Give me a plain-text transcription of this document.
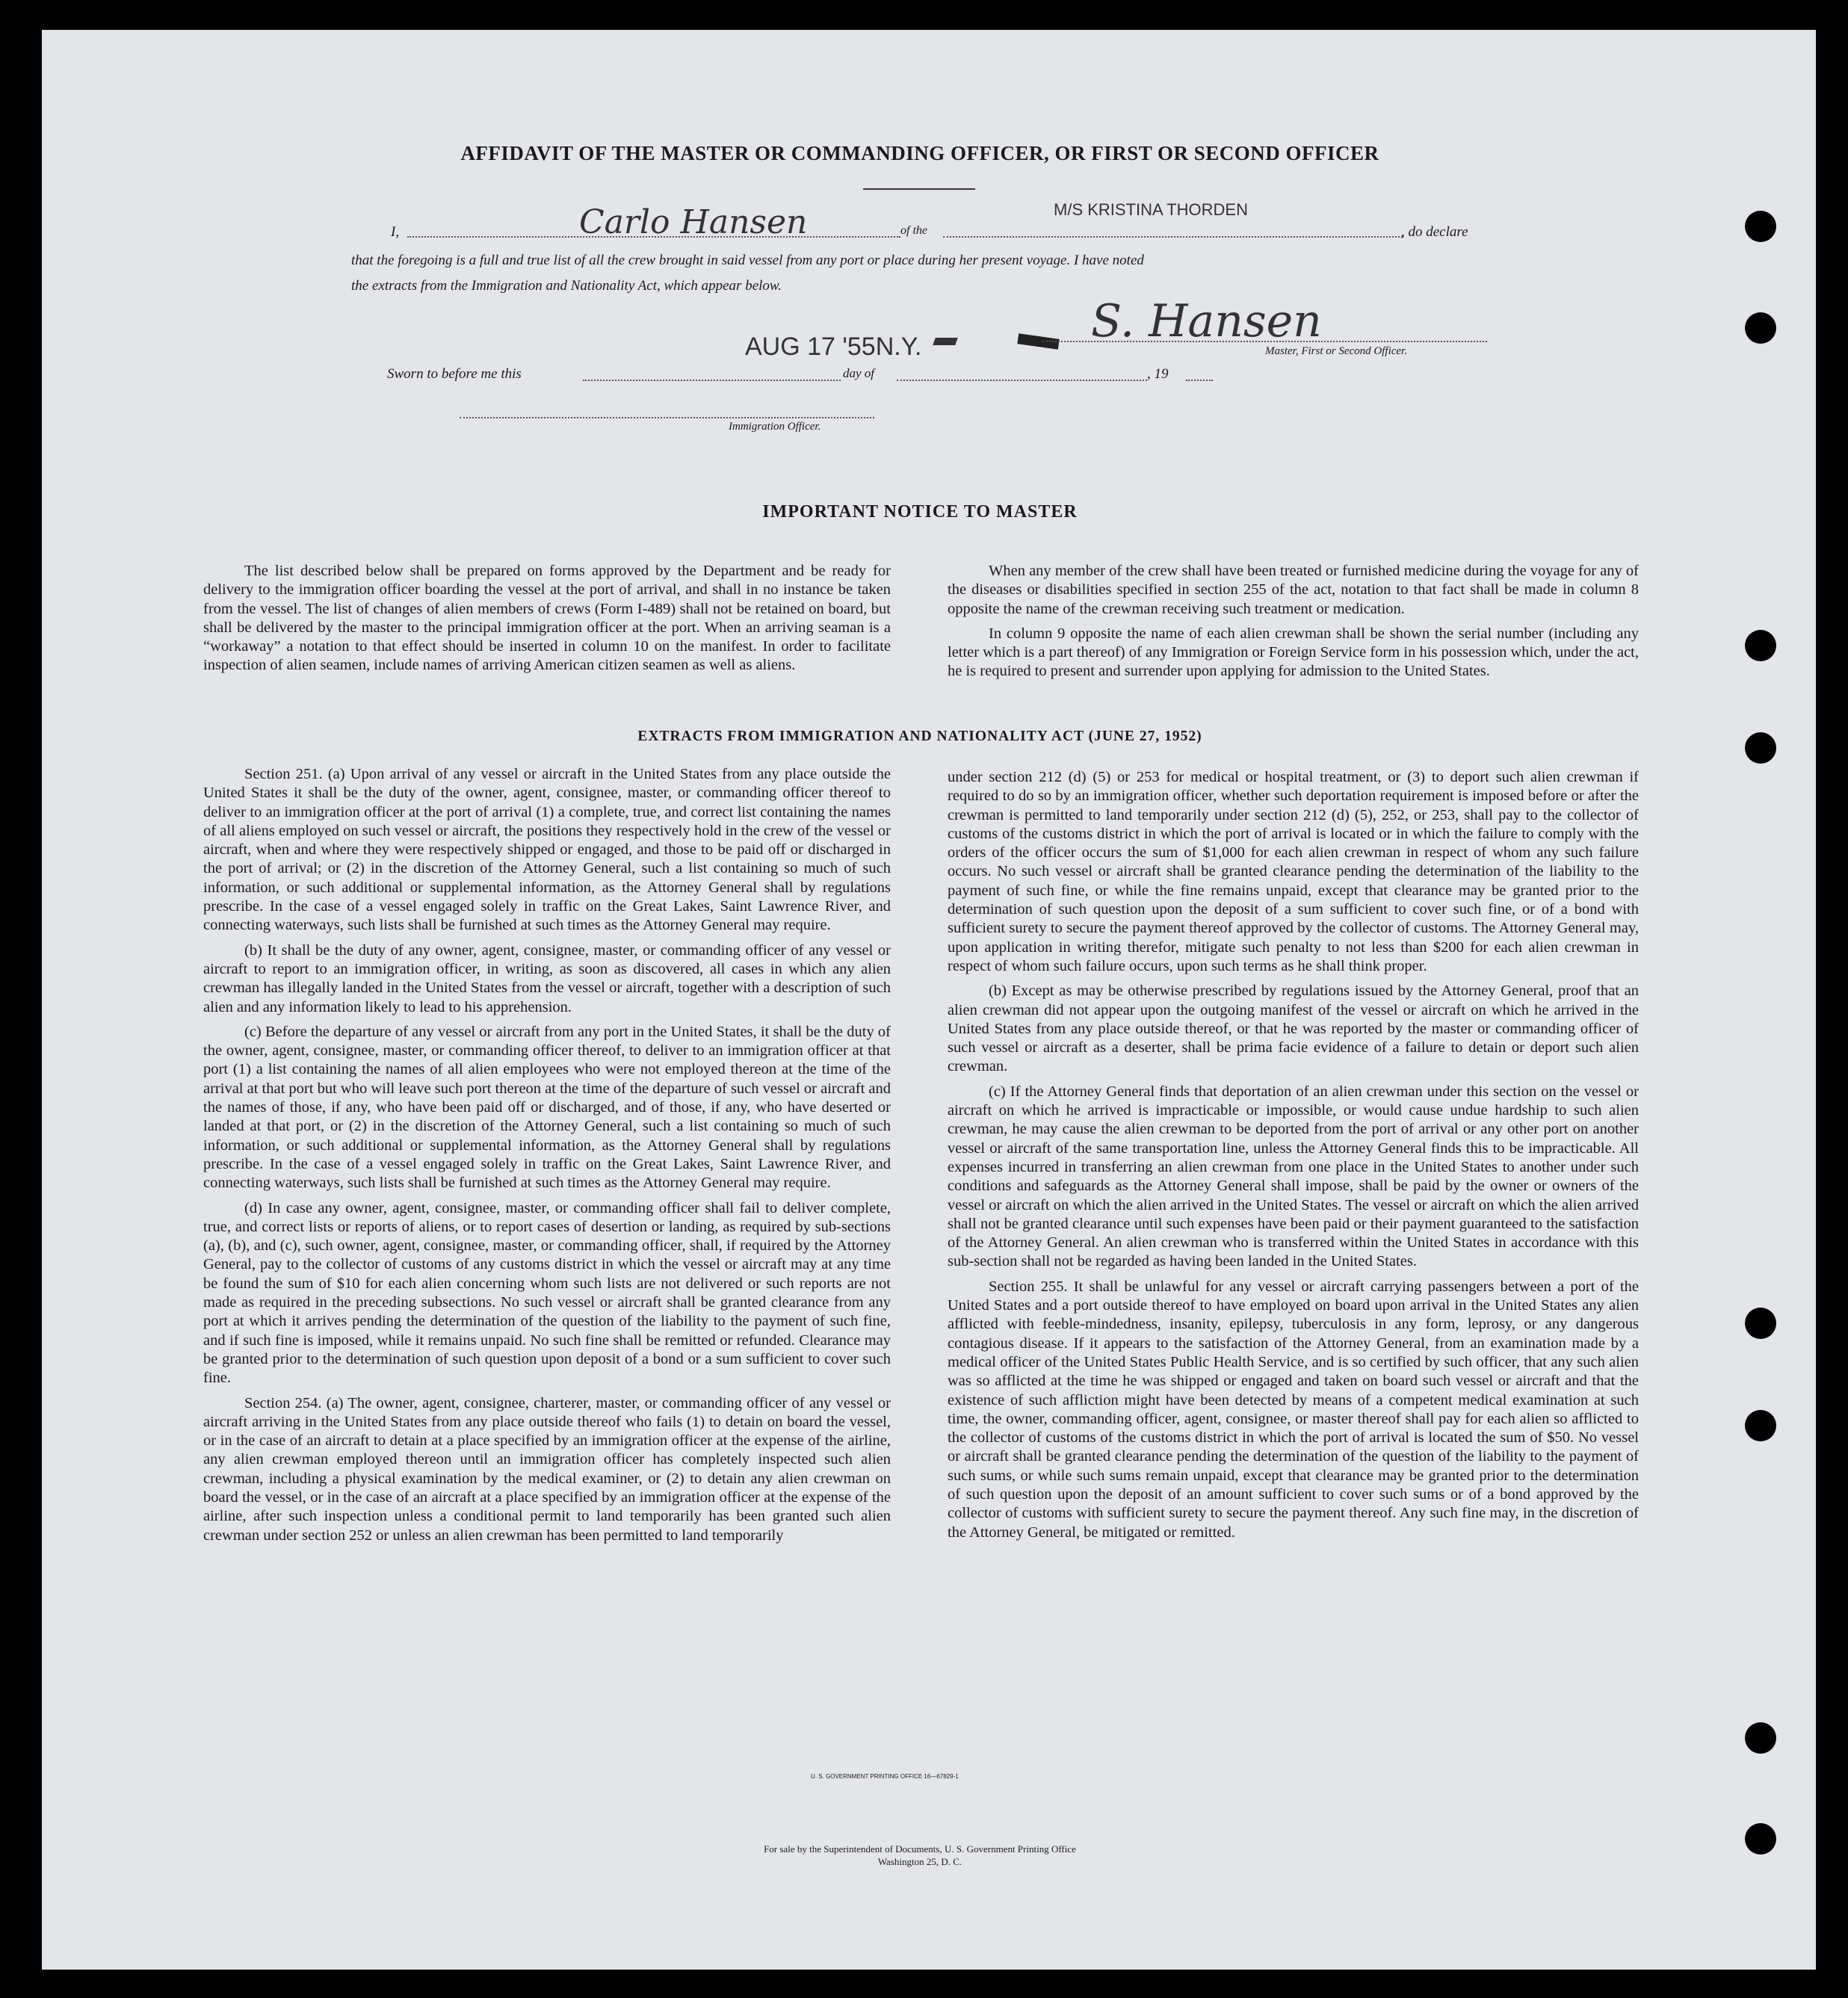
AFFIDAVIT OF THE MASTER OR COMMANDING OFFICER, OR FIRST OR SECOND OFFICER
I,	Carlo Hansen	of the
M/S KRISTINA THORDEN
, do declare
that the foregoing is a full and true list of all the crew brought in said vessel from any port or place during her present voyage. I have noted
the extracts from the Immigration and Nationality Act, which appear below.
AUG 17 '55N.Y.	S. Hansen
Master, First or Second Officer.
Sworn to before me this	day of	, 19
Immigration Officer.
IMPORTANT NOTICE TO MASTER

The list described below shall be prepared on forms approved by the Department and be ready for delivery to the immigration officer boarding the vessel at the port of arrival, and shall in no instance be taken from the vessel. The list of changes of alien members of crews (Form I-489) shall not be retained on board, but shall be delivered by the master to the principal immigration officer at the port. When an arriving seaman is a “workaway” a notation to that effect should be inserted in column 10 on the manifest. In order to facilitate inspection of alien seamen, include names of arriving American citizen seamen as well as aliens.

When any member of the crew shall have been treated or furnished medicine during the voyage for any of the diseases or disabilities specified in section 255 of the act, notation to that fact shall be made in column 8 opposite the name of the crewman receiving such treatment or medication.

In column 9 opposite the name of each alien crewman shall be shown the serial number (including any letter which is a part thereof) of any Immigration or Foreign Service form in his possession which, under the act, he is required to present and surrender upon applying for admission to the United States.

EXTRACTS FROM IMMIGRATION AND NATIONALITY ACT (JUNE 27, 1952)

Section 251. (a) Upon arrival of any vessel or aircraft in the United States from any place outside the United States it shall be the duty of the owner, agent, consignee, master, or commanding officer thereof to deliver to an immigration officer at the port of arrival (1) a complete, true, and correct list containing the names of all aliens employed on such vessel or aircraft, the positions they respectively hold in the crew of the vessel or aircraft, when and where they were respectively shipped or engaged, and those to be paid off or discharged in the port of arrival; or (2) in the discretion of the Attorney General, such a list containing so much of such information, or such additional or supplemental information, as the Attorney General shall by regulations prescribe. In the case of a vessel engaged solely in traffic on the Great Lakes, Saint Lawrence River, and connecting waterways, such lists shall be furnished at such times as the Attorney General may require.

(b) It shall be the duty of any owner, agent, consignee, master, or commanding officer of any vessel or aircraft to report to an immigration officer, in writing, as soon as discovered, all cases in which any alien crewman has illegally landed in the United States from the vessel or aircraft, together with a description of such alien and any information likely to lead to his apprehension.

(c) Before the departure of any vessel or aircraft from any port in the United States, it shall be the duty of the owner, agent, consignee, master, or commanding officer thereof, to deliver to an immigration officer at that port (1) a list containing the names of all alien employees who were not employed thereon at the time of the arrival at that port but who will leave such port thereon at the time of the departure of such vessel or aircraft and the names of those, if any, who have been paid off or discharged, and of those, if any, who have deserted or landed at that port, or (2) in the discretion of the Attorney General, such a list containing so much of such information, or such additional or supplemental information, as the Attorney General shall by regulations prescribe. In the case of a vessel engaged solely in traffic on the Great Lakes, Saint Lawrence River, and connecting waterways, such lists shall be furnished at such times as the Attorney General may require.

(d) In case any owner, agent, consignee, master, or commanding officer shall fail to deliver complete, true, and correct lists or reports of aliens, or to report cases of desertion or landing, as required by sub-sections (a), (b), and (c), such owner, agent, consignee, master, or commanding officer, shall, if required by the Attorney General, pay to the collector of customs of any customs district in which the vessel or aircraft may at any time be found the sum of $10 for each alien concerning whom such lists are not delivered or such reports are not made as required in the preceding subsections. No such vessel or aircraft shall be granted clearance from any port at which it arrives pending the determination of the question of the liability to the payment of such fine, and if such fine is imposed, while it remains unpaid. No such fine shall be remitted or refunded. Clearance may be granted prior to the determination of such question upon deposit of a bond or a sum sufficient to cover such fine.

Section 254. (a) The owner, agent, consignee, charterer, master, or commanding officer of any vessel or aircraft arriving in the United States from any place outside thereof who fails (1) to detain on board the vessel, or in the case of an aircraft to detain at a place specified by an immigration officer at the expense of the airline, any alien crewman employed thereon until an immigration officer has completely inspected such alien crewman, including a physical examination by the medical examiner, or (2) to detain any alien crewman on board the vessel, or in the case of an aircraft at a place specified by an immigration officer at the expense of the airline, after such inspection unless a conditional permit to land temporarily has been granted such alien crewman under section 252 or unless an alien crewman has been permitted to land temporarily

under section 212 (d) (5) or 253 for medical or hospital treatment, or (3) to deport such alien crewman if required to do so by an immigration officer, whether such deportation requirement is imposed before or after the crewman is permitted to land temporarily under section 212 (d) (5), 252, or 253, shall pay to the collector of customs of the customs district in which the port of arrival is located or in which the failure to comply with the orders of the officer occurs the sum of $1,000 for each alien crewman in respect of whom any such failure occurs. No such vessel or aircraft shall be granted clearance pending the determination of the liability to the payment of such fine, or while the fine remains unpaid, except that clearance may be granted prior to the determination of such question upon the deposit of a sum sufficient to cover such fine, or of a bond with sufficient surety to secure the payment thereof approved by the collector of customs. The Attorney General may, upon application in writing therefor, mitigate such penalty to not less than $200 for each alien crewman in respect of whom such failure occurs, upon such terms as he shall think proper.

(b) Except as may be otherwise prescribed by regulations issued by the Attorney General, proof that an alien crewman did not appear upon the outgoing manifest of the vessel or aircraft on which he arrived in the United States from any place outside thereof, or that he was reported by the master or commanding officer of such vessel or aircraft as a deserter, shall be prima facie evidence of a failure to detain or deport such alien crewman.

(c) If the Attorney General finds that deportation of an alien crewman under this section on the vessel or aircraft on which he arrived is impracticable or impossible, or would cause undue hardship to such alien crewman, he may cause the alien crewman to be deported from the port of arrival or any other port on another vessel or aircraft of the same transportation line, unless the Attorney General finds this to be impracticable. All expenses incurred in transferring an alien crewman from one place in the United States to another under such conditions and safeguards as the Attorney General shall impose, shall be paid by the owner or owners of the vessel or aircraft on which the alien arrived in the United States. The vessel or aircraft on which the alien arrived shall not be granted clearance until such expenses have been paid or their payment guaranteed to the satisfaction of the Attorney General. An alien crewman who is transferred within the United States in accordance with this sub-section shall not be regarded as having been landed in the United States.

Section 255. It shall be unlawful for any vessel or aircraft carrying passengers between a port of the United States and a port outside thereof to have employed on board upon arrival in the United States any alien afflicted with feeble-mindedness, insanity, epilepsy, tuberculosis in any form, leprosy, or any dangerous contagious disease. If it appears to the satisfaction of the Attorney General, from an examination made by a medical officer of the United States Public Health Service, and is so certified by such officer, that any such alien was so afflicted at the time he was shipped or engaged and taken on board such vessel or aircraft and that the existence of such affliction might have been detected by means of a competent medical examination at such time, the owner, commanding officer, agent, consignee, or master thereof shall pay for each alien so afflicted to the collector of customs of the customs district in which the port of arrival is located the sum of $50. No vessel or aircraft shall be granted clearance pending the determination of the question of the liability to the payment of such sums, or while such sums remain unpaid, except that clearance may be granted prior to the determination of such question upon the deposit of an amount sufficient to cover such sums or of a bond approved by the collector of customs with sufficient surety to secure the payment thereof. Any such fine may, in the discretion of the Attorney General, be mitigated or remitted.

U. S. GOVERNMENT PRINTING OFFICE 16—67829-1
For sale by the Superintendent of Documents, U. S. Government Printing Office
Washington 25, D. C.
